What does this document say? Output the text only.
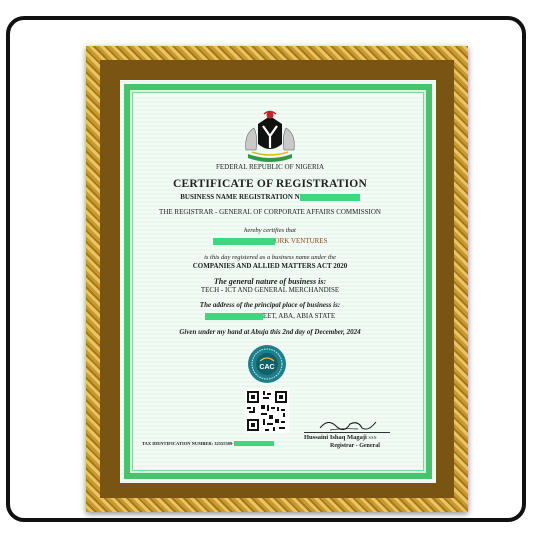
FEDERAL REPUBLIC OF NIGERIA
CERTIFICATE OF REGISTRATION
BUSINESS NAME REGISTRATION N
THE REGISTRAR - GENERAL OF CORPORATE AFFAIRS COMMISSION
hereby certifies that
ORK VENTURES
is this day registered as a business name under the
COMPANIES AND ALLIED MATTERS ACT 2020
The general nature of business is:
TECH - ICT AND GENERAL MERCHANDISE
The address of the principal place of business is:
EET, ABA, ABIA STATE
Given under my hand at Abuja this 2nd day of December, 2024
CAC
TAX IDENTIFICATION NUMBER: 32555309-
Hussaini Ishaq Magaji SAN
Registrar - General
